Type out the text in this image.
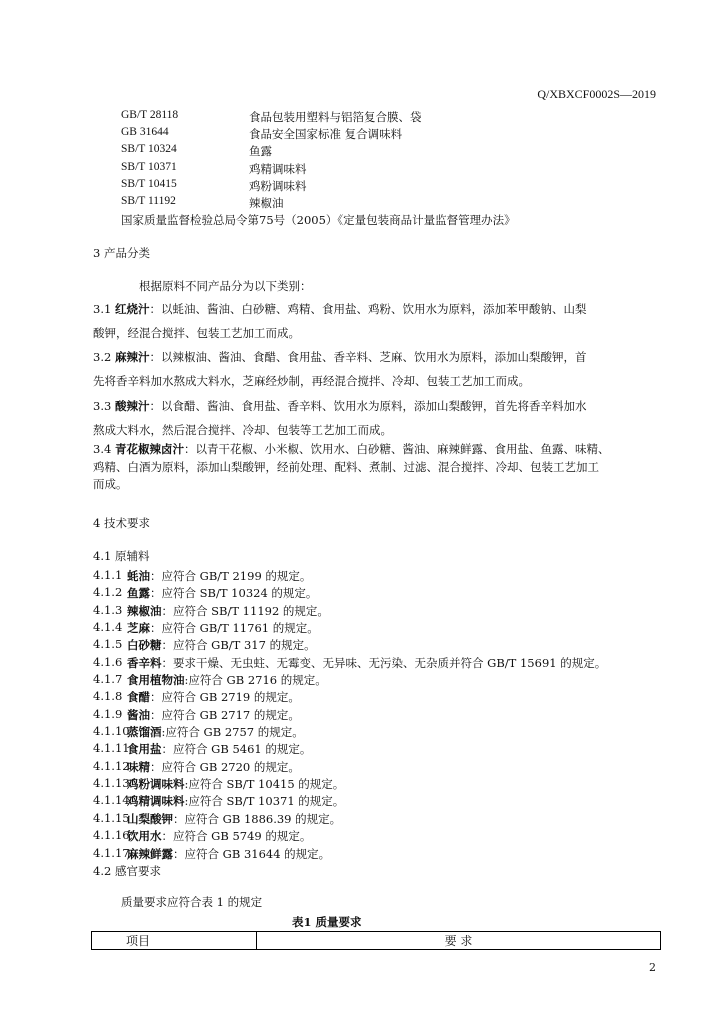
Q/XBXCF0002S—2019
GB/T 28118	食品包装用塑料与铝箔复合膜、袋
GB 31644	食品安全国家标准 复合调味料
SB/T 10324	鱼露
SB/T 10371	鸡精调味料
SB/T 10415	鸡粉调味料
SB/T 11192	辣椒油
国家质量监督检验总局令第75号（2005）《定量包装商品计量监督管理办法》
3 产品分类
根据原料不同产品分为以下类别：
3.1 红烧汁：以蚝油、酱油、白砂糖、鸡精、食用盐、鸡粉、饮用水为原料，添加苯甲酸钠、山梨
酸钾，经混合搅拌、包装工艺加工而成。
3.2 麻辣汁：以辣椒油、酱油、食醋、食用盐、香辛料、芝麻、饮用水为原料，添加山梨酸钾，首
先将香辛料加水熬成大料水，芝麻经炒制，再经混合搅拌、冷却、包装工艺加工而成。
3.3 酸辣汁：以食醋、酱油、食用盐、香辛料、饮用水为原料，添加山梨酸钾，首先将香辛料加水
熬成大料水，然后混合搅拌、冷却、包装等工艺加工而成。
3.4 青花椒辣卤汁：以青干花椒、小米椒、饮用水、白砂糖、酱油、麻辣鲜露、食用盐、鱼露、味精、
鸡精、白酒为原料，添加山梨酸钾，经前处理、配料、煮制、过滤、混合搅拌、冷却、包装工艺加工
而成。
4 技术要求
4.1 原辅料
4.1.1 蚝油：应符合 GB/T 2199 的规定。
4.1.2 鱼露：应符合 SB/T 10324 的规定。
4.1.3 辣椒油：应符合 SB/T 11192 的规定。
4.1.4 芝麻：应符合 GB/T 11761 的规定。
4.1.5 白砂糖：应符合 GB/T 317 的规定。
4.1.6 香辛料：要求干燥、无虫蛀、无霉变、无异味、无污染、无杂质并符合 GB/T 15691 的规定。
4.1.7 食用植物油:应符合 GB 2716 的规定。
4.1.8 食醋：应符合 GB 2719 的规定。
4.1.9 酱油：应符合 GB 2717 的规定。
4.1.10
蒸馏酒:应符合 GB 2757 的规定。
4.1.11
食用盐：应符合 GB 5461 的规定。
4.1.12
味精：应符合 GB 2720 的规定。
4.1.13
鸡粉调味料:应符合 SB/T 10415 的规定。
4.1.14
鸡精调味料:应符合 SB/T 10371 的规定。
4.1.15
山梨酸钾：应符合 GB 1886.39 的规定。
4.1.16
饮用水：应符合 GB 5749 的规定。
4.1.17
麻辣鲜露：应符合 GB 31644 的规定。
4.2 感官要求
质量要求应符合表 1 的规定
表1 质量要求
项目	要 求
2
